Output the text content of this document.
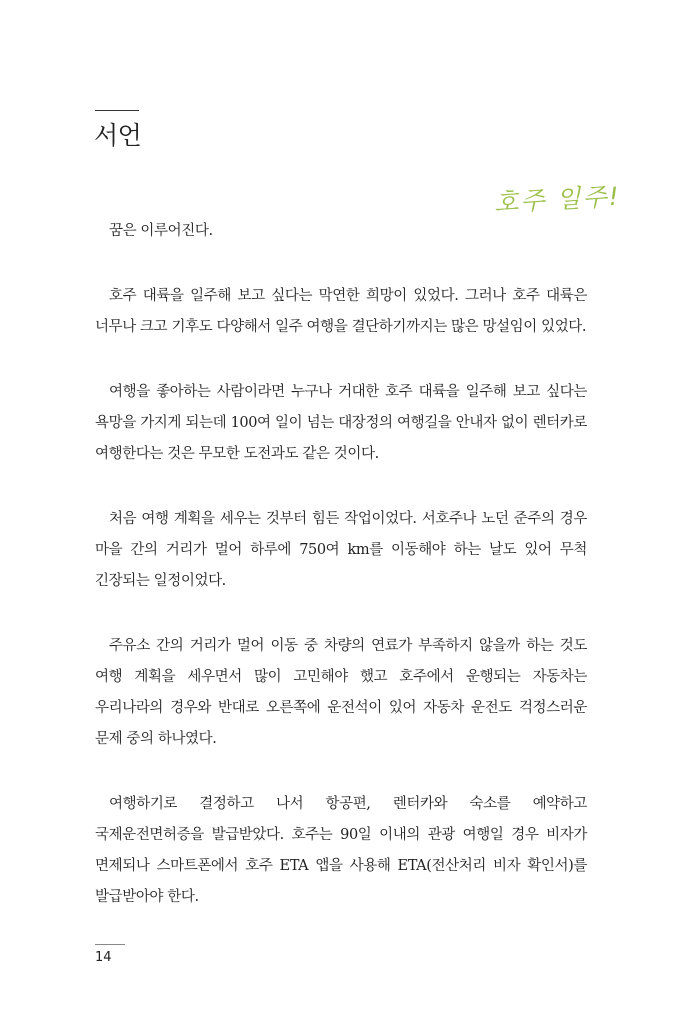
서언
호주 일주!

꿈은 이루어진다.

호주 대륙을 일주해 보고 싶다는 막연한 희망이 있었다. 그러나 호주 대륙은 너무나 크고 기후도 다양해서 일주 여행을 결단하기까지는 많은 망설임이 있었다.

여행을 좋아하는 사람이라면 누구나 거대한 호주 대륙을 일주해 보고 싶다는 욕망을 가지게 되는데 100여 일이 넘는 대장정의 여행길을 안내자 없이 렌터카로 여행한다는 것은 무모한 도전과도 같은 것이다.

처음 여행 계획을 세우는 것부터 힘든 작업이었다. 서호주나 노던 준주의 경우 마을 간의 거리가 멀어 하루에 750여 km를 이동해야 하는 날도 있어 무척 긴장되는 일정이었다.

주유소 간의 거리가 멀어 이동 중 차량의 연료가 부족하지 않을까 하는 것도 여행 계획을 세우면서 많이 고민해야 했고 호주에서 운행되는 자동차는 우리나라의 경우와 반대로 오른쪽에 운전석이 있어 자동차 운전도 걱정스러운 문제 중의 하나였다.

여행하기로 결정하고 나서 항공편, 렌터카와 숙소를 예약하고 국제운전면허증을 발급받았다. 호주는 90일 이내의 관광 여행일 경우 비자가 면제되나 스마트폰에서 호주 ETA 앱을 사용해 ETA(전산처리 비자 확인서)를 발급받아야 한다.

14
